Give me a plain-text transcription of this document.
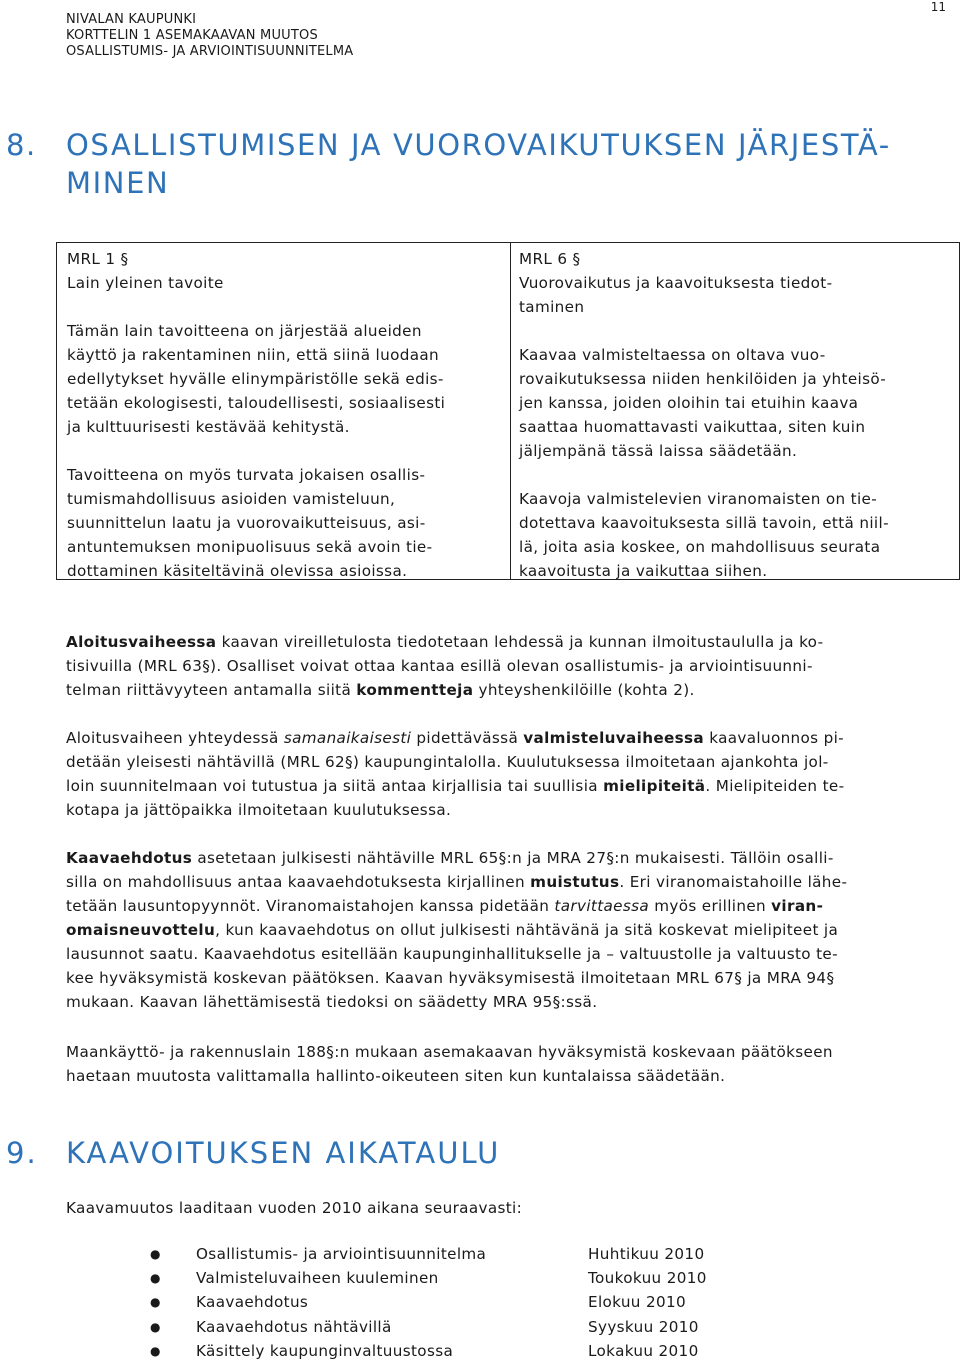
NIVALAN KAUPUNKI
KORTTELIN 1 ASEMAKAAVAN MUUTOS
OSALLISTUMIS- JA ARVIOINTISUUNNITELMA
11
8. OSALLISTUMISEN JA VUOROVAIKUTUKSEN JÄRJESTÄ-
MINEN

MRL 1 §

Lain yleinen tavoite

Tämän lain tavoitteena on järjestää alueiden

käyttö ja rakentaminen niin, että siinä luodaan

edellytykset hyvälle elinympäristölle sekä edis-

tetään ekologisesti, taloudellisesti, sosiaalisesti

ja kulttuurisesti kestävää kehitystä.

Tavoitteena on myös turvata jokaisen osallis-

tumismahdollisuus asioiden vamisteluun,

suunnittelun laatu ja vuorovaikutteisuus, asi-

antuntemuksen monipuolisuus sekä avoin tie-

dottaminen käsiteltävinä olevissa asioissa.

MRL 6 §

Vuorovaikutus ja kaavoituksesta tiedot-

taminen

Kaavaa valmisteltaessa on oltava vuo-

rovaikutuksessa niiden henkilöiden ja yhteisö-

jen kanssa, joiden oloihin tai etuihin kaava

saattaa huomattavasti vaikuttaa, siten kuin

jäljempänä tässä laissa säädetään.

Kaavoja valmistelevien viranomaisten on tie-

dotettava kaavoituksesta sillä tavoin, että niil-

lä, joita asia koskee, on mahdollisuus seurata

kaavoitusta ja vaikuttaa siihen.

Aloitusvaiheessa kaavan vireilletulosta tiedotetaan lehdessä ja kunnan ilmoitustaululla ja ko-

tisivuilla (MRL 63§). Osalliset voivat ottaa kantaa esillä olevan osallistumis- ja arviointisuunni-

telman riittävyyteen antamalla siitä kommentteja yhteyshenkilöille (kohta 2).

Aloitusvaiheen yhteydessä samanaikaisesti pidettävässä valmisteluvaiheessa kaavaluonnos pi-

detään yleisesti nähtävillä (MRL 62§) kaupungintalolla. Kuulutuksessa ilmoitetaan ajankohta jol-

loin suunnitelmaan voi tutustua ja siitä antaa kirjallisia tai suullisia mielipiteitä. Mielipiteiden te-

kotapa ja jättöpaikka ilmoitetaan kuulutuksessa.

Kaavaehdotus asetetaan julkisesti nähtäville MRL 65§:n ja MRA 27§:n mukaisesti. Tällöin osalli-

silla on mahdollisuus antaa kaavaehdotuksesta kirjallinen muistutus. Eri viranomaistahoille lähe-

tetään lausuntopyynnöt. Viranomaistahojen kanssa pidetään tarvittaessa myös erillinen viran-

omaisneuvottelu, kun kaavaehdotus on ollut julkisesti nähtävänä ja sitä koskevat mielipiteet ja

lausunnot saatu. Kaavaehdotus esitellään kaupunginhallitukselle ja – valtuustolle ja valtuusto te-

kee hyväksymistä koskevan päätöksen. Kaavan hyväksymisestä ilmoitetaan MRL 67§ ja MRA 94§

mukaan. Kaavan lähettämisestä tiedoksi on säädetty MRA 95§:ssä.

Maankäyttö- ja rakennuslain 188§:n mukaan asemakaavan hyväksymistä koskevaan päätökseen

haetaan muutosta valittamalla hallinto-oikeuteen siten kun kuntalaissa säädetään.

9. KAAVOITUKSEN AIKATAULU
Kaavamuutos laaditaan vuoden 2010 aikana seuraavasti:
●	Osallistumis- ja arviointisuunnitelma	Huhtikuu 2010
●	Valmisteluvaiheen kuuleminen	Toukokuu 2010
●	Kaavaehdotus	Elokuu 2010
●	Kaavaehdotus nähtävillä	Syyskuu 2010
●	Käsittely kaupunginvaltuustossa	Lokakuu 2010
